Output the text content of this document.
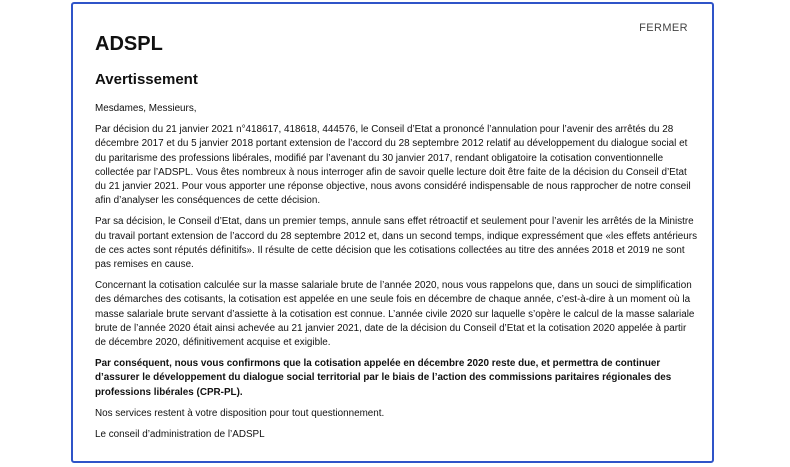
FERMER
ADSPL
Avertissement

Mesdames, Messieurs,

Par décision du 21 janvier 2021 n°418617, 418618, 444576, le Conseil d’Etat a prononcé l’annulation pour l’avenir des arrêtés du 28 décembre 2017 et du 5 janvier 2018 portant extension de l’accord du 28 septembre 2012 relatif au développement du dialogue social et du paritarisme des professions libérales, modifié par l’avenant du 30 janvier 2017, rendant obligatoire la cotisation conventionnelle collectée par l’ADSPL. Vous êtes nombreux à nous interroger afin de savoir quelle lecture doit être faite de la décision du Conseil d’Etat du 21 janvier 2021. Pour vous apporter une réponse objective, nous avons considéré indispensable de nous rapprocher de notre conseil afin d’analyser les conséquences de cette décision.

Par sa décision, le Conseil d’Etat, dans un premier temps, annule sans effet rétroactif et seulement pour l’avenir les arrêtés de la Ministre du travail portant extension de l’accord du 28 septembre 2012 et, dans un second temps, indique expressément que «les effets antérieurs de ces actes sont réputés définitifs». Il résulte de cette décision que les cotisations collectées au titre des années 2018 et 2019 ne sont pas remises en cause.

Concernant la cotisation calculée sur la masse salariale brute de l’année 2020, nous vous rappelons que, dans un souci de simplification des démarches des cotisants, la cotisation est appelée en une seule fois en décembre de chaque année, c’est-à-dire à un moment où la masse salariale brute servant d’assiette à la cotisation est connue. L’année civile 2020 sur laquelle s’opère le calcul de la masse salariale brute de l’année 2020 était ainsi achevée au 21 janvier 2021, date de la décision du Conseil d’Etat et la cotisation 2020 appelée à partir de décembre 2020, définitivement acquise et exigible.

Par conséquent, nous vous confirmons que la cotisation appelée en décembre 2020 reste due, et permettra de continuer d’assurer le développement du dialogue social territorial par le biais de l’action des commissions paritaires régionales des professions libérales (CPR-PL).

Nos services restent à votre disposition pour tout questionnement.

Le conseil d’administration de l’ADSPL
